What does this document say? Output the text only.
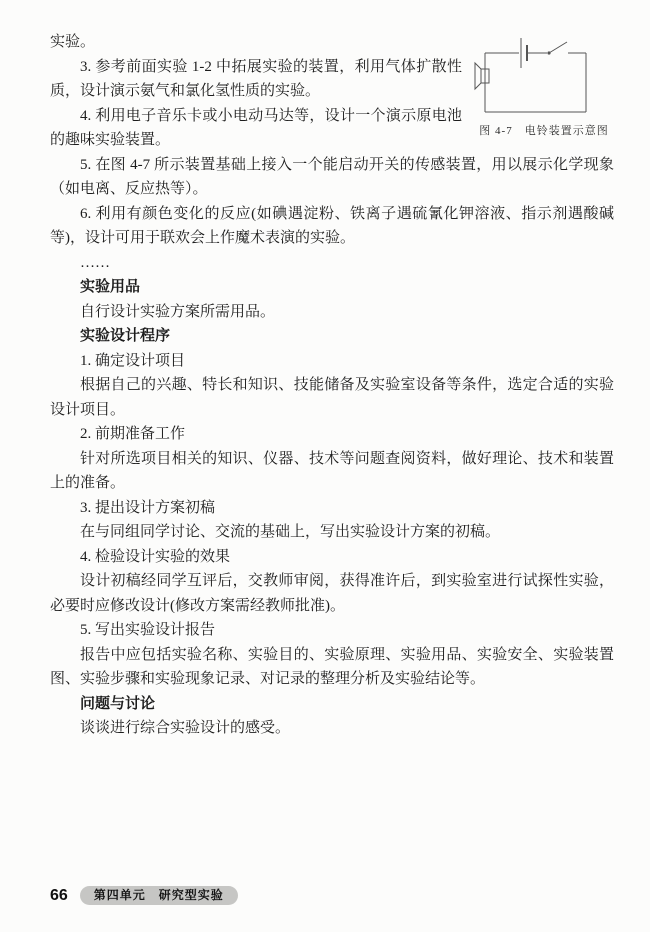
图 4-7　电铃装置示意图

实验。

3. 参考前面实验 1-2 中拓展实验的装置，利用气体扩散性质，设计演示氨气和氯化氢性质的实验。

4. 利用电子音乐卡或小电动马达等，设计一个演示原电池的趣味实验装置。

5. 在图 4-7 所示装置基础上接入一个能启动开关的传感装置，用以展示化学现象（如电离、反应热等）。

6. 利用有颜色变化的反应(如碘遇淀粉、铁离子遇硫氰化钾溶液、指示剂遇酸碱等)，设计可用于联欢会上作魔术表演的实验。

……

实验用品

自行设计实验方案所需用品。

实验设计程序

1. 确定设计项目

根据自己的兴趣、特长和知识、技能储备及实验室设备等条件，选定合适的实验设计项目。

2. 前期准备工作

针对所选项目相关的知识、仪器、技术等问题查阅资料，做好理论、技术和装置上的准备。

3. 提出设计方案初稿

在与同组同学讨论、交流的基础上，写出实验设计方案的初稿。

4. 检验设计实验的效果

设计初稿经同学互评后，交教师审阅，获得准许后，到实验室进行试探性实验，必要时应修改设计(修改方案需经教师批准)。

5. 写出实验设计报告

报告中应包括实验名称、实验目的、实验原理、实验用品、实验安全、实验装置图、实验步骤和实验现象记录、对记录的整理分析及实验结论等。

问题与讨论

谈谈进行综合实验设计的感受。

66	第四单元　研究型实验
